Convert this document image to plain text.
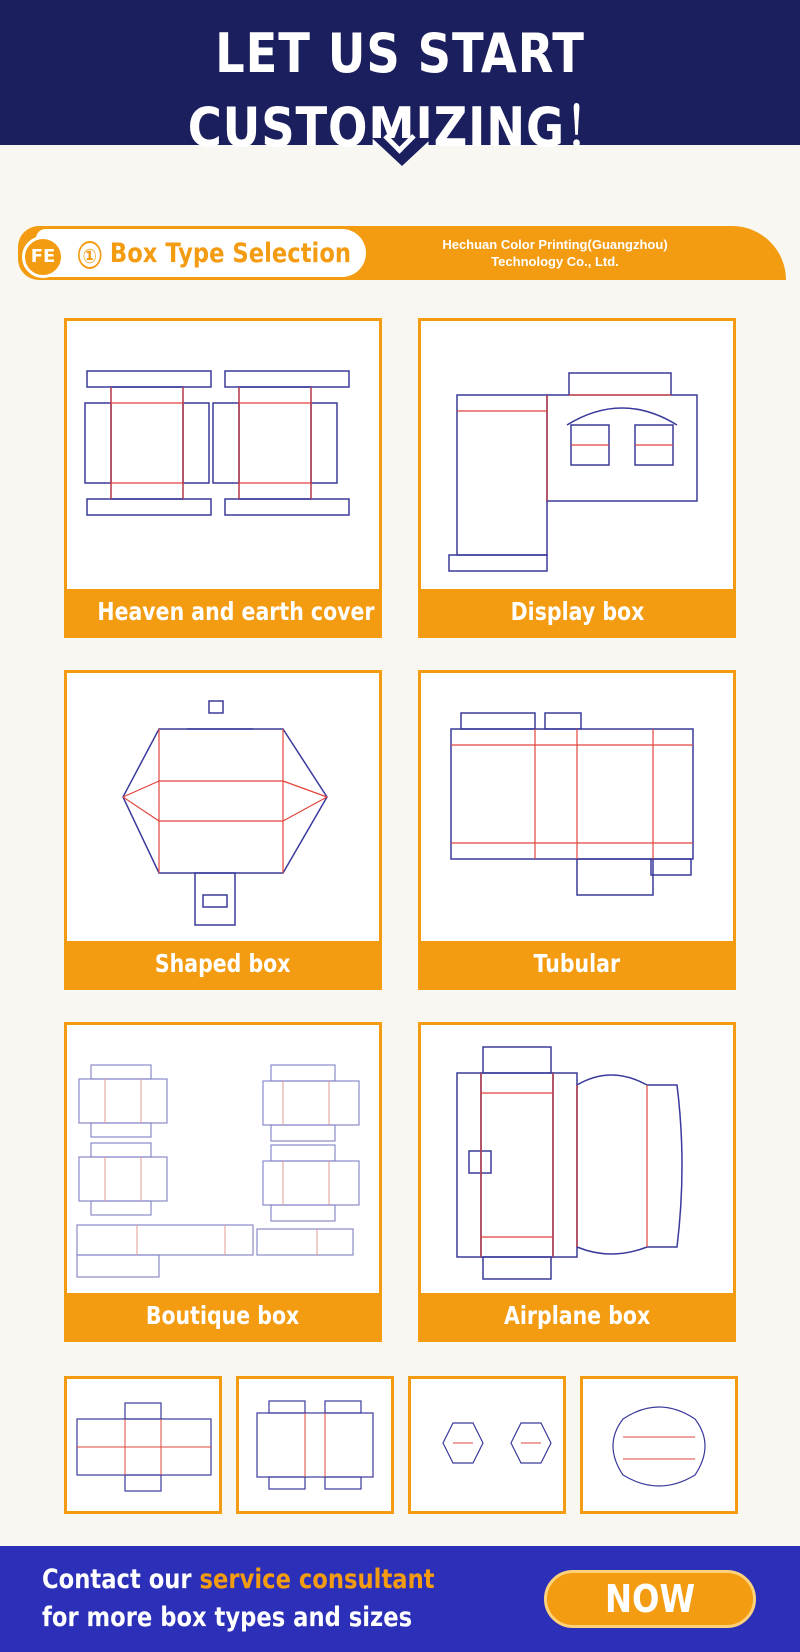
LET US START CUSTOMIZING！
FE	① Box Type Selection	Hechuan Color Printing(Guangzhou)
Technology Co., Ltd.
Heaven and earth cover	Display box
Shaped box	Tubular
Boutique box	Airplane box
Contact our service consultant
for more box types and sizes	NOW
